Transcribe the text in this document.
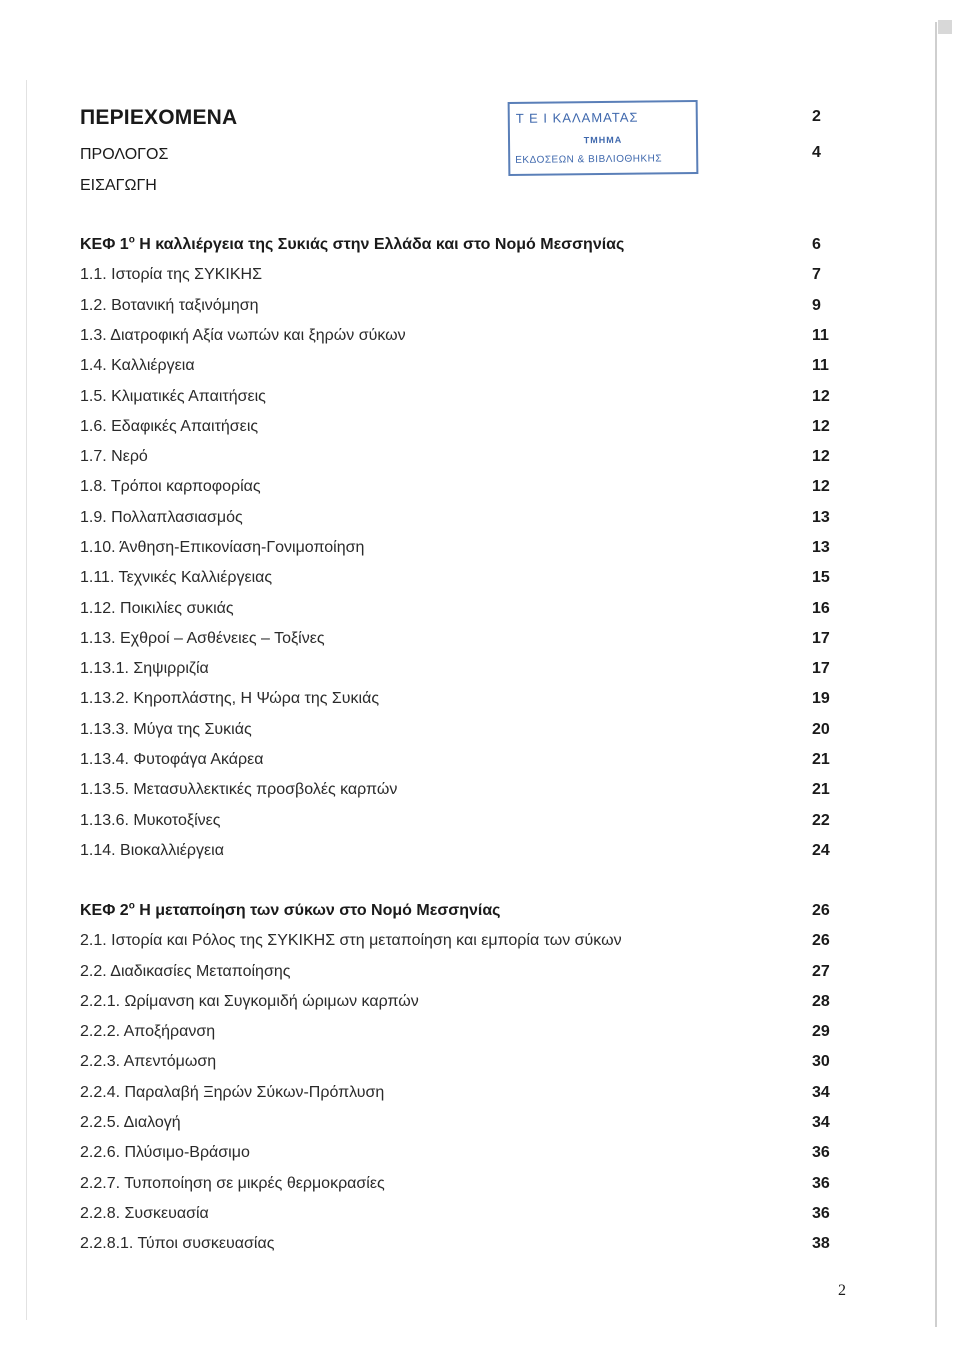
ΠΕΡΙΕΧΟΜΕΝΑ	2
ΠΡΟΛΟΓΟΣ	4
ΕΙΣΑΓΩΓΗ
Τ Ε Ι ΚΑΛΑΜΑΤΑΣ
ΤΜΗΜΑ
ΕΚΔΟΣΕΩΝ & ΒΙΒΛΙΟΘΗΚΗΣ
ΚΕΦ $1^o$ Η καλλιέργεια της Συκιάς στην Ελλάδα και στο Νομό Μεσσηνίας	6
1.1. Ιστορία της ΣΥΚΙΚΗΣ	7
1.2. Βοτανική ταξινόμηση	9
1.3. Διατροφική Αξία νωπών και ξηρών σύκων	11
1.4. Καλλιέργεια	11
1.5. Κλιματικές Απαιτήσεις	12
1.6. Εδαφικές Απαιτήσεις	12
1.7. Νερό	12
1.8. Τρόποι καρποφορίας	12
1.9. Πολλαπλασιασμός	13
1.10. Άνθηση-Επικονίαση-Γονιμοποίηση	13
1.11. Τεχνικές Καλλιέργειας	15
1.12. Ποικιλίες συκιάς	16
1.13. Εχθροί – Ασθένειες – Τοξίνες	17
1.13.1. Σηψιρριζία	17
1.13.2. Κηροπλάστης, Η Ψώρα της Συκιάς	19
1.13.3. Μύγα της Συκιάς	20
1.13.4. Φυτοφάγα Ακάρεα	21
1.13.5. Μετασυλλεκτικές προσβολές καρπών	21
1.13.6. Μυκοτοξίνες	22
1.14. Βιοκαλλιέργεια	24
ΚΕΦ $2^o$ Η μεταποίηση των σύκων στο Νομό Μεσσηνίας	26
2.1. Ιστορία και Ρόλος της ΣΥΚΙΚΗΣ στη μεταποίηση και εμπορία των σύκων	26
2.2. Διαδικασίες Μεταποίησης	27
2.2.1. Ωρίμανση και Συγκομιδή ώριμων καρπών	28
2.2.2. Αποξήρανση	29
2.2.3. Απεντόμωση	30
2.2.4. Παραλαβή Ξηρών Σύκων-Πρόπλυση	34
2.2.5. Διαλογή	34
2.2.6. Πλύσιμο-Βράσιμο	36
2.2.7. Τυποποίηση σε μικρές θερμοκρασίες	36
2.2.8. Συσκευασία	36
2.2.8.1. Τύποι συσκευασίας	38
2
